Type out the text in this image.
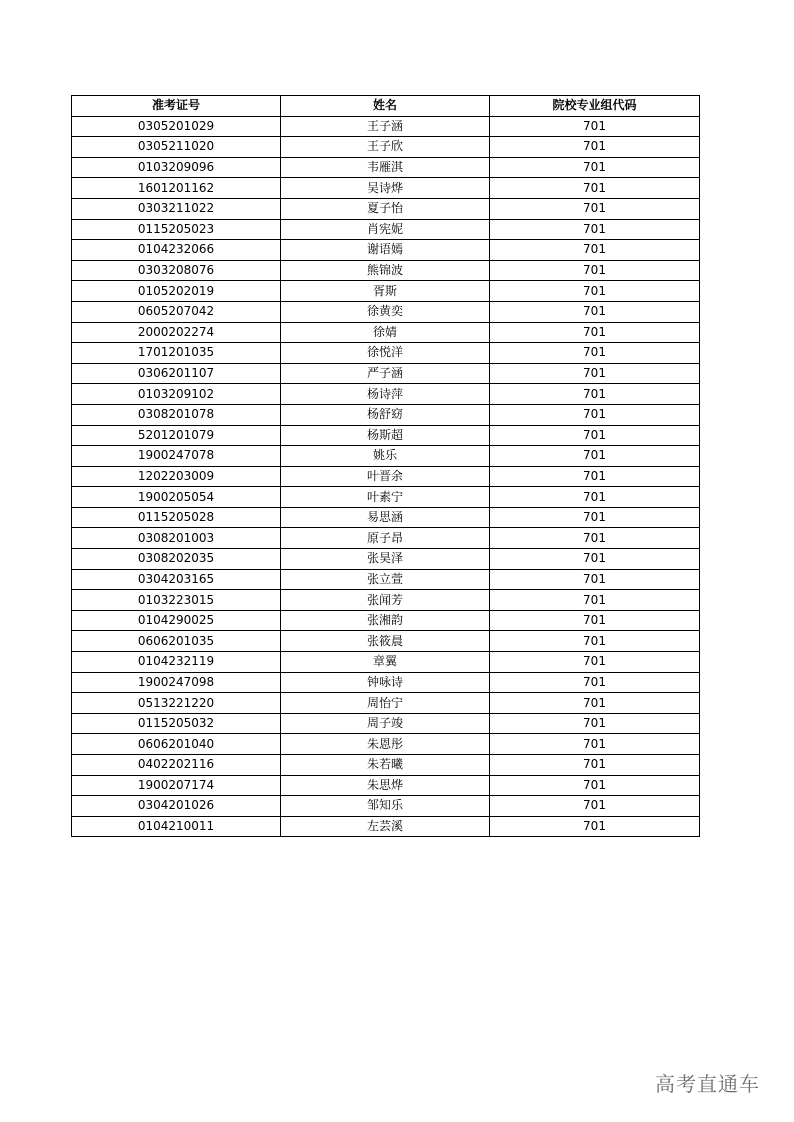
准考证号	姓名	院校专业组代码
0305201029	王子涵	701
0305211020	王子欣	701
0103209096	韦雁淇	701
1601201162	吴诗烨	701
0303211022	夏子怡	701
0115205023	肖宪妮	701
0104232066	谢语嫣	701
0303208076	熊锦波	701
0105202019	胥斯	701
0605207042	徐黄奕	701
2000202274	徐婧	701
1701201035	徐悦洋	701
0306201107	严子涵	701
0103209102	杨诗萍	701
0308201078	杨舒窈	701
5201201079	杨斯超	701
1900247078	姚乐	701
1202203009	叶晋余	701
1900205054	叶素宁	701
0115205028	易思涵	701
0308201003	原子昂	701
0308202035	张昊泽	701
0304203165	张立萱	701
0103223015	张闻芳	701
0104290025	张湘韵	701
0606201035	张筱晨	701
0104232119	章翼	701
1900247098	钟咏诗	701
0513221220	周怡宁	701
0115205032	周子竣	701
0606201040	朱恩彤	701
0402202116	朱若曦	701
1900207174	朱思烨	701
0304201026	邹知乐	701
0104210011	左芸溪	701
高考直通车
